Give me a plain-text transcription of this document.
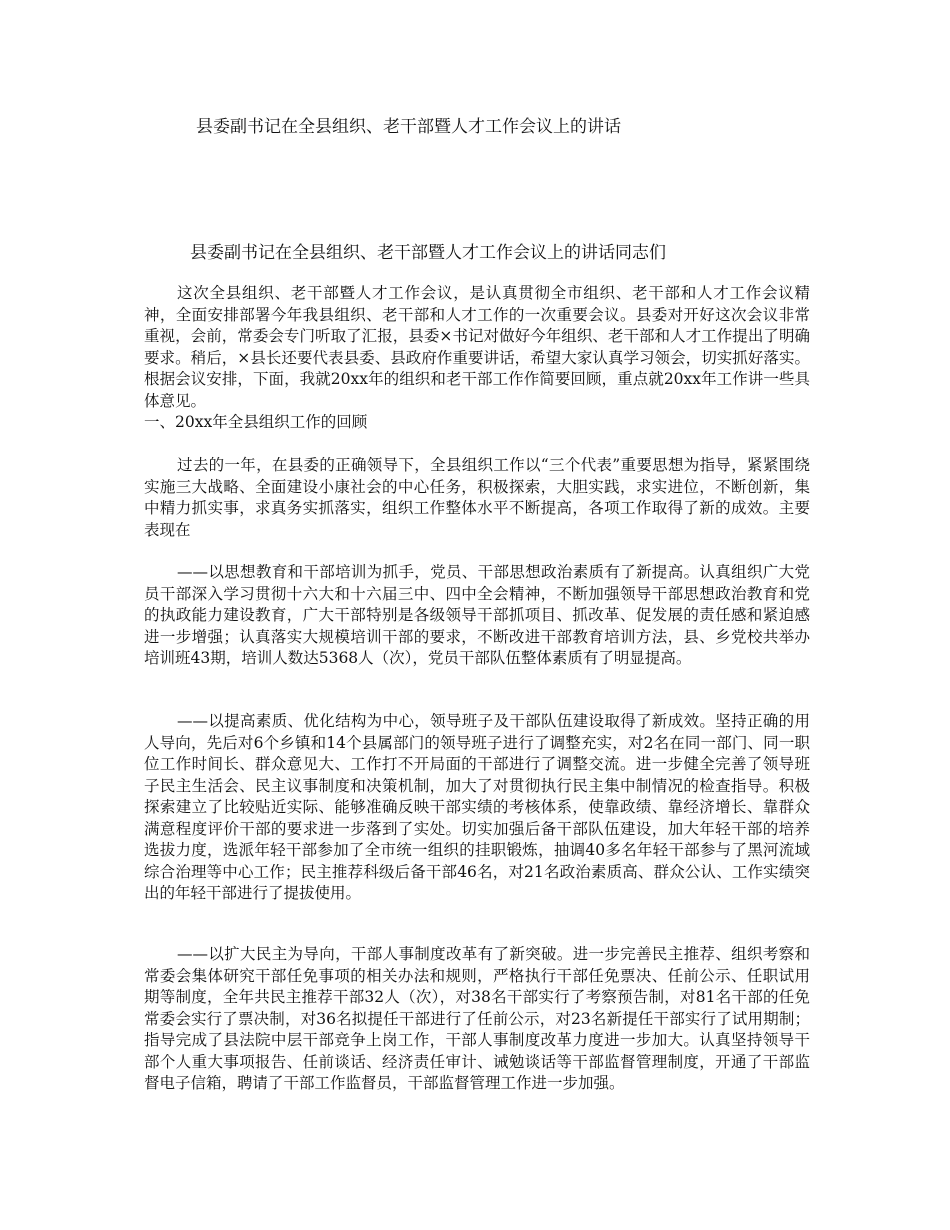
县委副书记在全县组织、老干部暨人才工作会议上的讲话
县委副书记在全县组织、老干部暨人才工作会议上的讲话同志们

这次全县组织、老干部暨人才工作会议，是认真贯彻全市组织、老干部和人才工作会议精神，全面安排部署今年我县组织、老干部和人才工作的一次重要会议。县委对开好这次会议非常重视，会前，常委会专门听取了汇报，县委×书记对做好今年组织、老干部和人才工作提出了明确要求。稍后，×县长还要代表县委、县政府作重要讲话，希望大家认真学习领会，切实抓好落实。根据会议安排，下面，我就20xx年的组织和老干部工作作简要回顾，重点就20xx年工作讲一些具体意见。

一、20xx年全县组织工作的回顾

过去的一年，在县委的正确领导下，全县组织工作以“三个代表”重要思想为指导，紧紧围绕实施三大战略、全面建设小康社会的中心任务，积极探索，大胆实践，求实进位，不断创新，集中精力抓实事，求真务实抓落实，组织工作整体水平不断提高，各项工作取得了新的成效。主要表现在

——以思想教育和干部培训为抓手，党员、干部思想政治素质有了新提高。认真组织广大党员干部深入学习贯彻十六大和十六届三中、四中全会精神，不断加强领导干部思想政治教育和党的执政能力建设教育，广大干部特别是各级领导干部抓项目、抓改革、促发展的责任感和紧迫感进一步增强；认真落实大规模培训干部的要求，不断改进干部教育培训方法，县、乡党校共举办培训班43期，培训人数达5368人（次），党员干部队伍整体素质有了明显提高。

——以提高素质、优化结构为中心，领导班子及干部队伍建设取得了新成效。坚持正确的用人导向，先后对6个乡镇和14个县属部门的领导班子进行了调整充实，对2名在同一部门、同一职位工作时间长、群众意见大、工作打不开局面的干部进行了调整交流。进一步健全完善了领导班子民主生活会、民主议事制度和决策机制，加大了对贯彻执行民主集中制情况的检查指导。积极探索建立了比较贴近实际、能够准确反映干部实绩的考核体系，使靠政绩、靠经济增长、靠群众满意程度评价干部的要求进一步落到了实处。切实加强后备干部队伍建设，加大年轻干部的培养选拔力度，选派年轻干部参加了全市统一组织的挂职锻炼，抽调40多名年轻干部参与了黑河流域综合治理等中心工作；民主推荐科级后备干部46名，对21名政治素质高、群众公认、工作实绩突出的年轻干部进行了提拔使用。

——以扩大民主为导向，干部人事制度改革有了新突破。进一步完善民主推荐、组织考察和常委会集体研究干部任免事项的相关办法和规则，严格执行干部任免票决、任前公示、任职试用期等制度，全年共民主推荐干部32人（次），对38名干部实行了考察预告制，对81名干部的任免常委会实行了票决制，对36名拟提任干部进行了任前公示，对23名新提任干部实行了试用期制；指导完成了县法院中层干部竞争上岗工作，干部人事制度改革力度进一步加大。认真坚持领导干部个人重大事项报告、任前谈话、经济责任审计、诫勉谈话等干部监督管理制度，开通了干部监督电子信箱，聘请了干部工作监督员，干部监督管理工作进一步加强。
